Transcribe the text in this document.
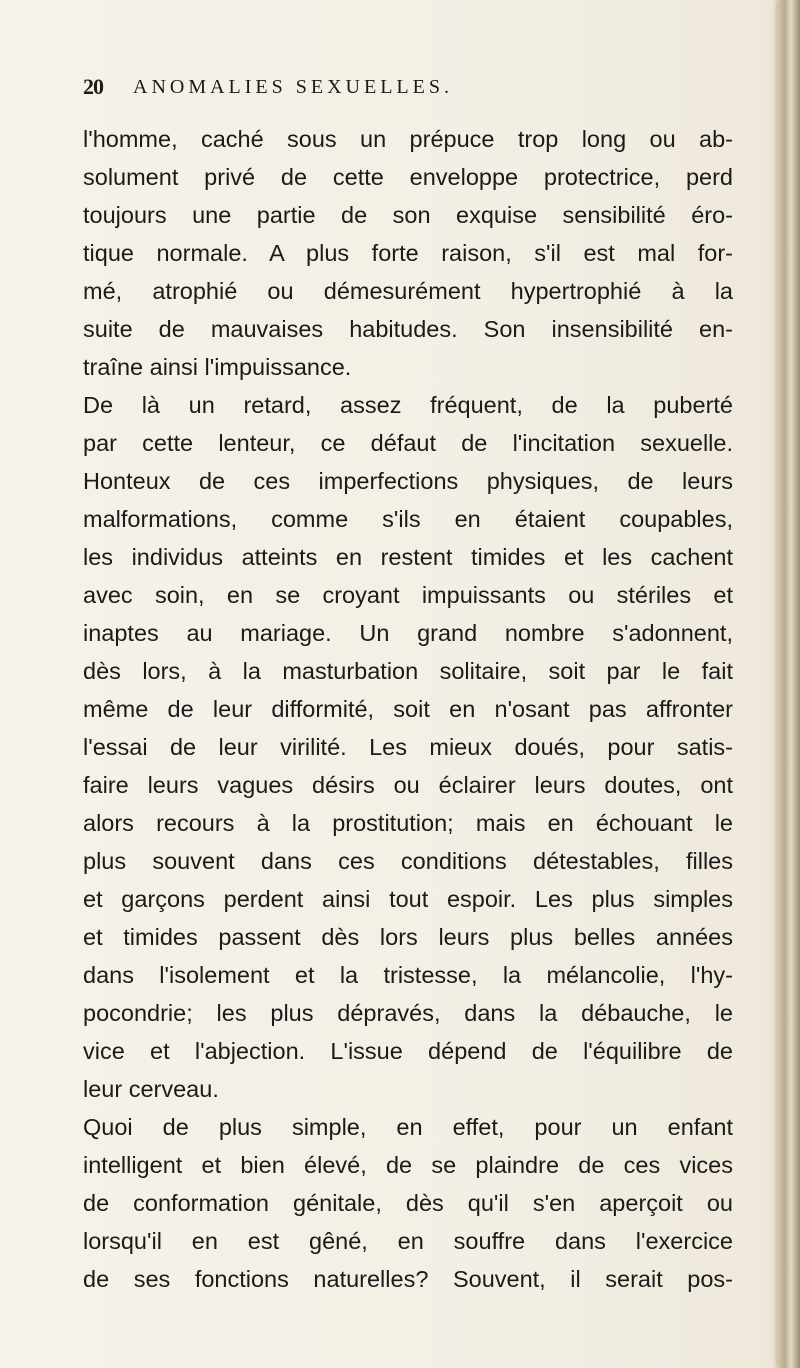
20 ANOMALIES SEXUELLES.
l'homme, caché sous un prépuce trop long ou ab-
solument privé de cette enveloppe protectrice, perd
toujours une partie de son exquise sensibilité éro-
tique normale. A plus forte raison, s'il est mal for-
mé, atrophié ou démesurément hypertrophié à la
suite de mauvaises habitudes. Son insensibilité en-
traîne ainsi l'impuissance.
De là un retard, assez fréquent, de la puberté
par cette lenteur, ce défaut de l'incitation sexuelle.
Honteux de ces imperfections physiques, de leurs
malformations, comme s'ils en étaient coupables,
les individus atteints en restent timides et les cachent
avec soin, en se croyant impuissants ou stériles et
inaptes au mariage. Un grand nombre s'adonnent,
dès lors, à la masturbation solitaire, soit par le fait
même de leur difformité, soit en n'osant pas affronter
l'essai de leur virilité. Les mieux doués, pour satis-
faire leurs vagues désirs ou éclairer leurs doutes, ont
alors recours à la prostitution; mais en échouant le
plus souvent dans ces conditions détestables, filles
et garçons perdent ainsi tout espoir. Les plus simples
et timides passent dès lors leurs plus belles années
dans l'isolement et la tristesse, la mélancolie, l'hy-
pocondrie; les plus dépravés, dans la débauche, le
vice et l'abjection. L'issue dépend de l'équilibre de
leur cerveau.
Quoi de plus simple, en effet, pour un enfant
intelligent et bien élevé, de se plaindre de ces vices
de conformation génitale, dès qu'il s'en aperçoit ou
lorsqu'il en est gêné, en souffre dans l'exercice
de ses fonctions naturelles? Souvent, il serait pos-
